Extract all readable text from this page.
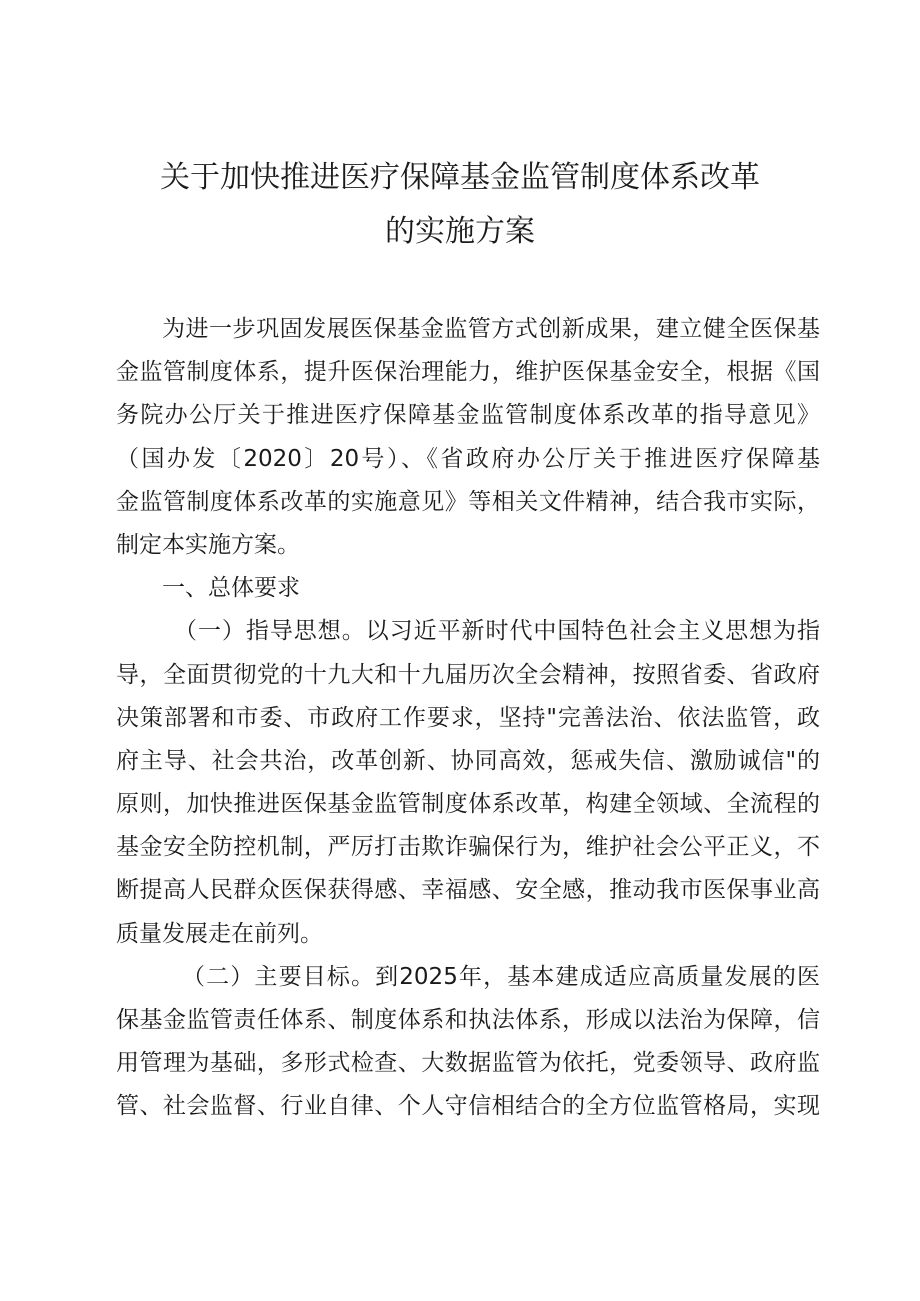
关于加快推进医疗保障基金监管制度体系改革
的实施方案
为进一步巩固发展医保基金监管方式创新成果，建立健全医保基
金监管制度体系，提升医保治理能力，维护医保基金安全，根据《国
务院办公厅关于推进医疗保障基金监管制度体系改革的指导意见》
（国办发〔2020〕20号）、《省政府办公厅关于推进医疗保障基
金监管制度体系改革的实施意见》等相关文件精神，结合我市实际，
制定本实施方案。
一、总体要求
（一）指导思想。以习近平新时代中国特色社会主义思想为指
导，全面贯彻党的十九大和十九届历次全会精神，按照省委、省政府
决策部署和市委、市政府工作要求，坚持"完善法治、依法监管，政
府主导、社会共治，改革创新、协同高效，惩戒失信、激励诚信"的
原则，加快推进医保基金监管制度体系改革，构建全领域、全流程的
基金安全防控机制，严厉打击欺诈骗保行为，维护社会公平正义，不
断提高人民群众医保获得感、幸福感、安全感，推动我市医保事业高
质量发展走在前列。
（二）主要目标。到2025年，基本建成适应高质量发展的医
保基金监管责任体系、制度体系和执法体系，形成以法治为保障，信
用管理为基础，多形式检查、大数据监管为依托，党委领导、政府监
管、社会监督、行业自律、个人守信相结合的全方位监管格局，实现
